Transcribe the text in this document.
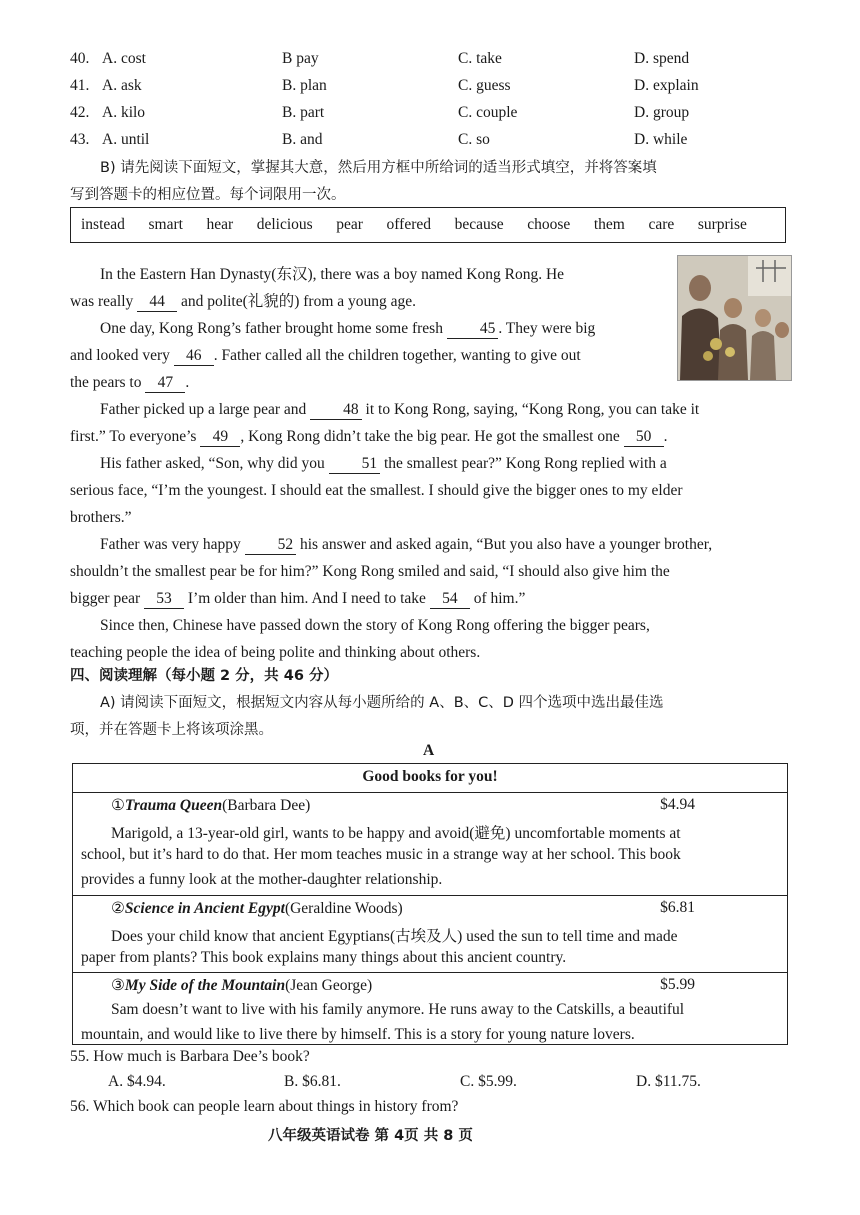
40. A. cost	B pay	C. take	D. spend
41. A. ask	B. plan	C. guess	D. explain
42. A. kilo	B. part	C. couple	D. group
43. A. until	B. and	C. so	D. while
B) 请先阅读下面短文，掌握其大意，然后用方框中所给词的适当形式填空，并将答案填
写到答题卡的相应位置。每个词限用一次。
instead smart hear delicious pear offered because choose them care surprise
In the Eastern Han Dynasty(东汉), there was a boy named Kong Rong. He
was really 44 and polite(礼貌的) from a young age.
One day, Kong Rong’s father brought home some fresh 45 . They were big
and looked very 46 . Father called all the children together, wanting to give out
the pears to 47 .
Father picked up a large pear and 48 it to Kong Rong, saying, “Kong Rong, you can take it
first.” To everyone’s 49 , Kong Rong didn’t take the big pear. He got the smallest one 50 .
His father asked, “Son, why did you 51 the smallest pear?” Kong Rong replied with a
serious face, “I’m the youngest. I should eat the smallest. I should give the bigger ones to my elder
brothers.”
Father was very happy 52 his answer and asked again, “But you also have a younger brother,
shouldn’t the smallest pear be for him?” Kong Rong smiled and said, “I should also give him the
bigger pear 53 I’m older than him. And I need to take 54 of him.”
Since then, Chinese have passed down the story of Kong Rong offering the bigger pears,
teaching people the idea of being polite and thinking about others.
四、阅读理解（每小题 2 分，共 46 分）
A) 请阅读下面短文，根据短文内容从每小题所给的 A、B、C、D 四个选项中选出最佳选
项，并在答题卡上将该项涂黑。
A
Good books for you!
①Trauma Queen(Barbara Dee)	$4.94
Marigold, a 13-year-old girl, wants to be happy and avoid(避免) uncomfortable moments at
school, but it’s hard to do that. Her mom teaches music in a strange way at her school. This book
provides a funny look at the mother-daughter relationship.
②Science in Ancient Egypt(Geraldine Woods)	$6.81
Does your child know that ancient Egyptians(古埃及人) used the sun to tell time and made
paper from plants? This book explains many things about this ancient country.
③My Side of the Mountain(Jean George)	$5.99
Sam doesn’t want to live with his family anymore. He runs away to the Catskills, a beautiful
mountain, and would like to live there by himself. This is a story for young nature lovers.
55. How much is Barbara Dee’s book?
A. $4.94.	B. $6.81.	C. $5.99.	D. $11.75.
56. Which book can people learn about things in history from?
八年级英语试卷 第 4页 共 8 页
